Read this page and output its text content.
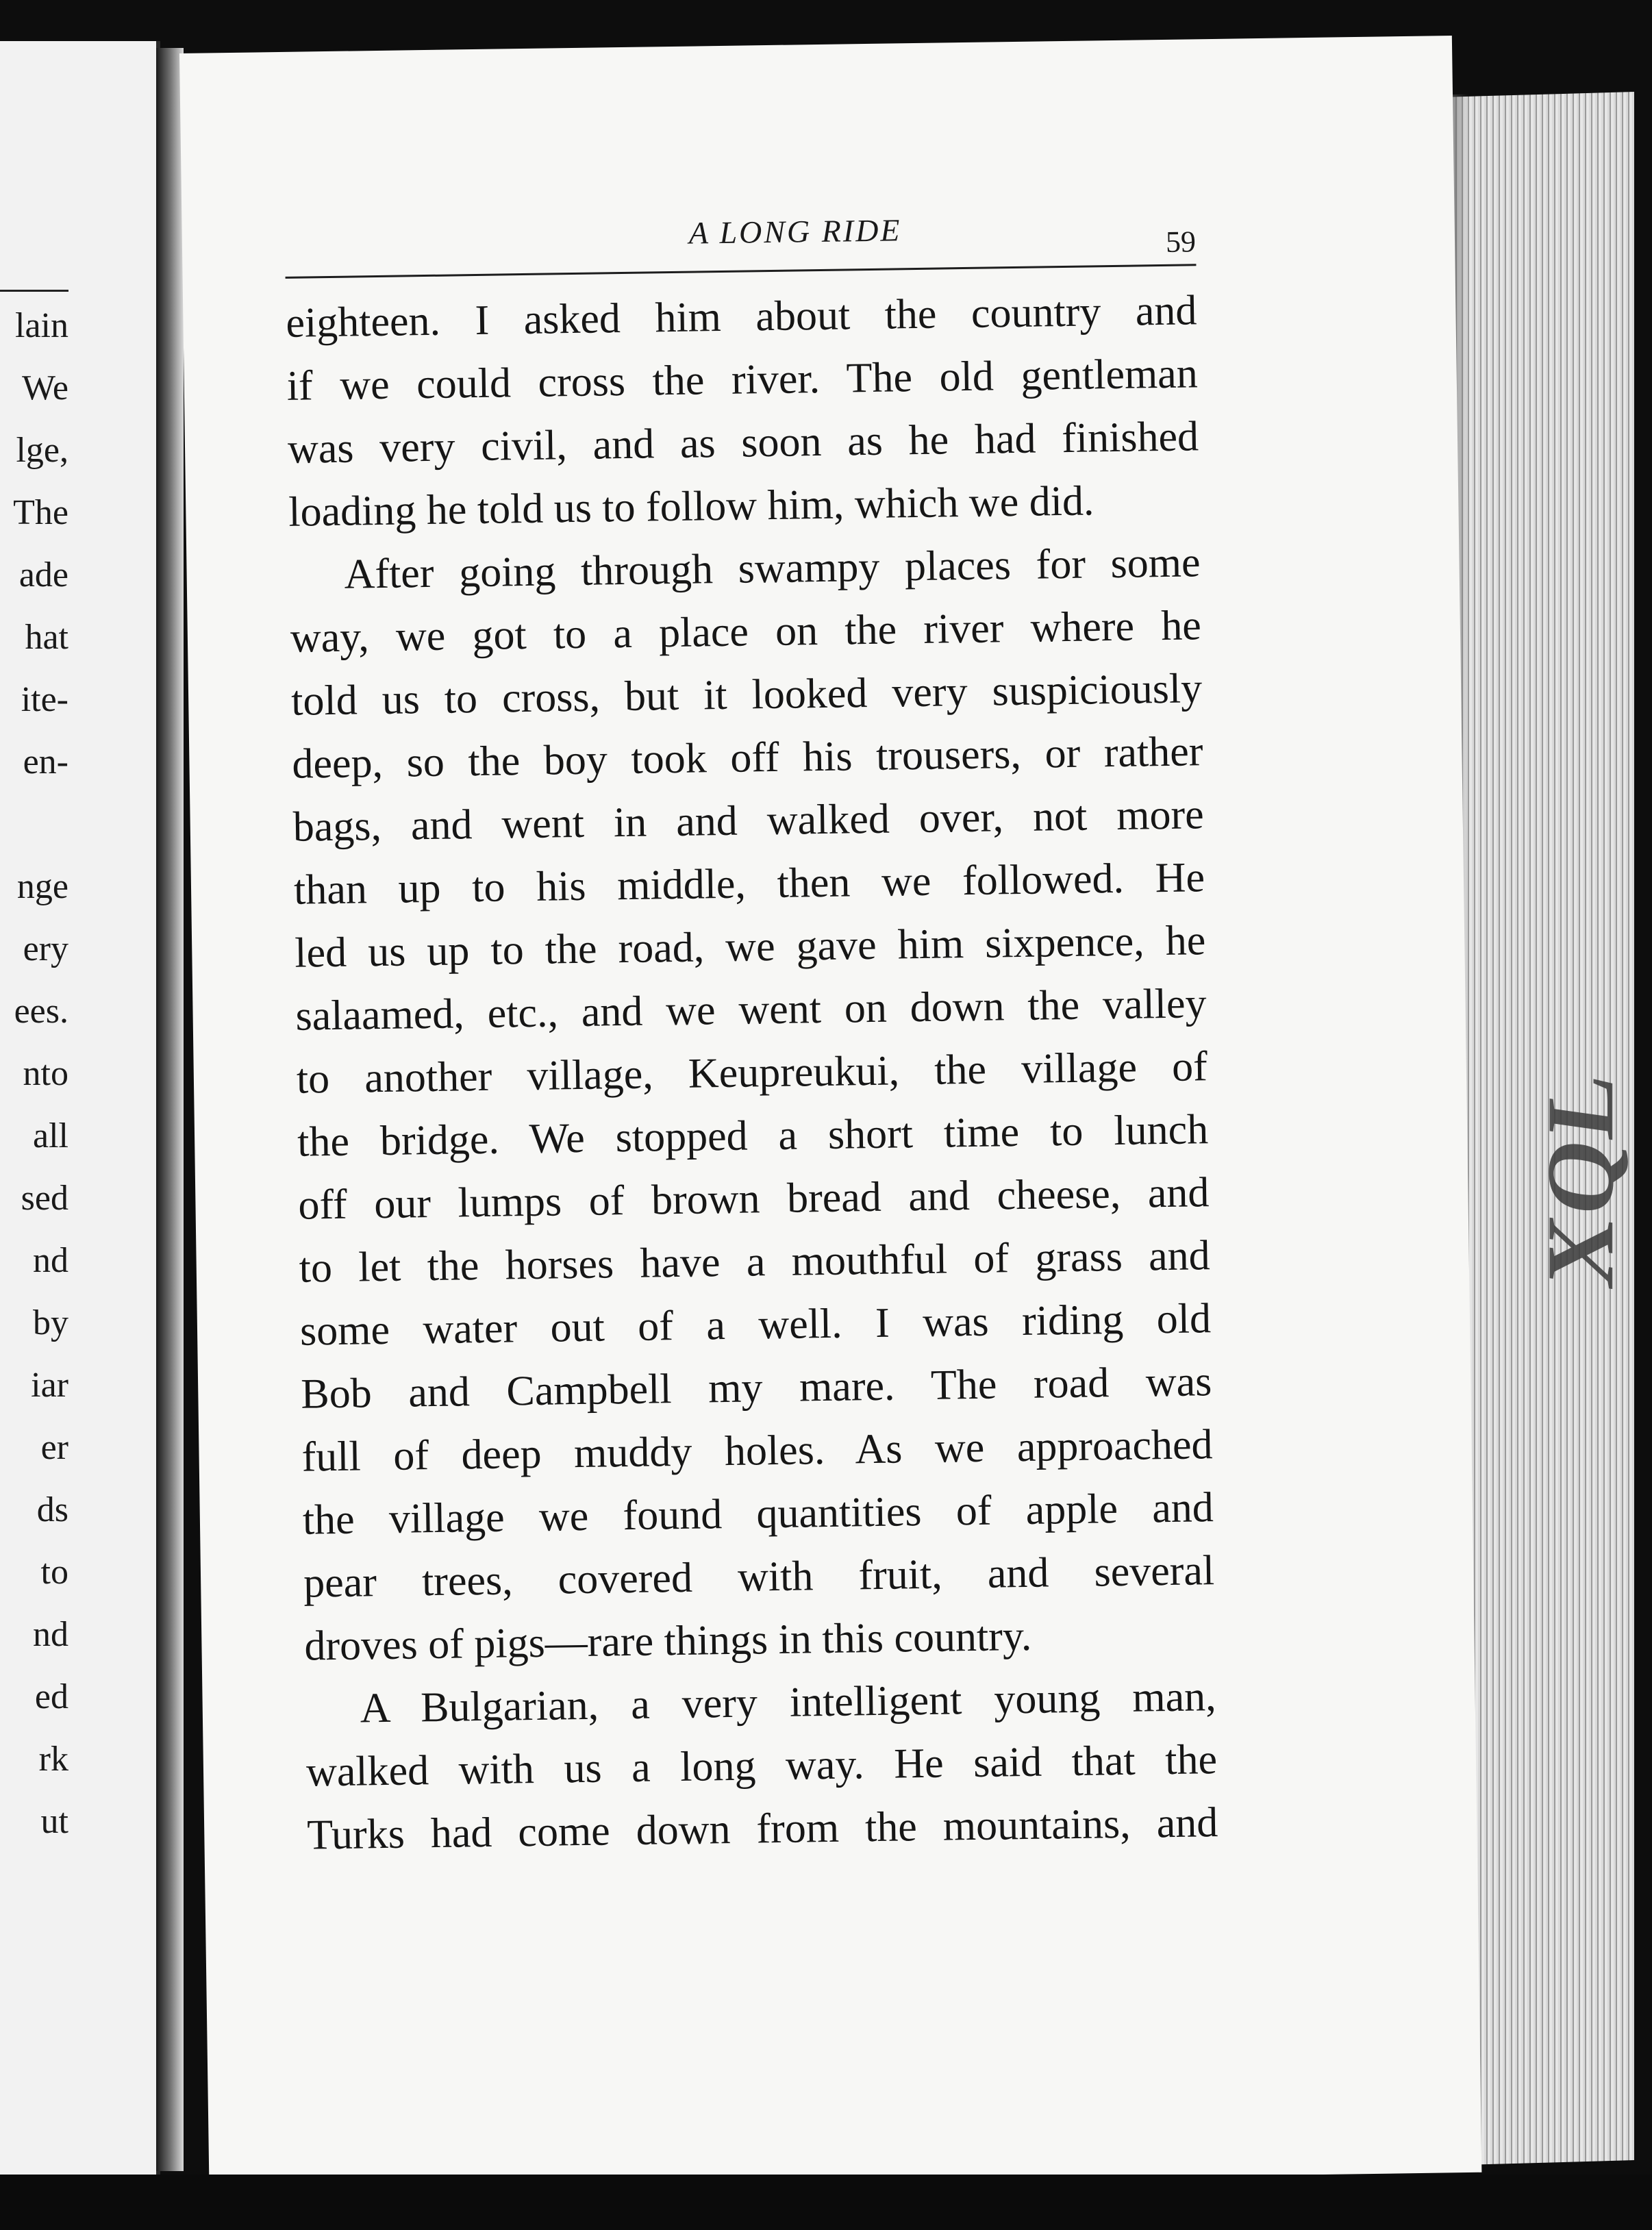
lain
We
lge,
The
ade
hat
ite-
en-
nge
ery
ees.
nto
all
sed
nd
by
iar
er
ds
to
nd
ed
rk
ut
XQL
A LONG RIDE	59
eighteen. I asked him about the country and
if we could cross the river. The old gentleman
was very civil, and as soon as he had finished
loading he told us to follow him, which we did.
After going through swampy places for some
way, we got to a place on the river where he
told us to cross, but it looked very suspiciously
deep, so the boy took off his trousers, or rather
bags, and went in and walked over, not more
than up to his middle, then we followed. He
led us up to the road, we gave him sixpence, he
salaamed, etc., and we went on down the valley
to another village, Keupreukui, the village of
the bridge. We stopped a short time to lunch
off our lumps of brown bread and cheese, and
to let the horses have a mouthful of grass and
some water out of a well. I was riding old
Bob and Campbell my mare. The road was
full of deep muddy holes. As we approached
the village we found quantities of apple and
pear trees, covered with fruit, and several
droves of pigs—rare things in this country.
A Bulgarian, a very intelligent young man,
walked with us a long way. He said that the
Turks had come down from the mountains, and
